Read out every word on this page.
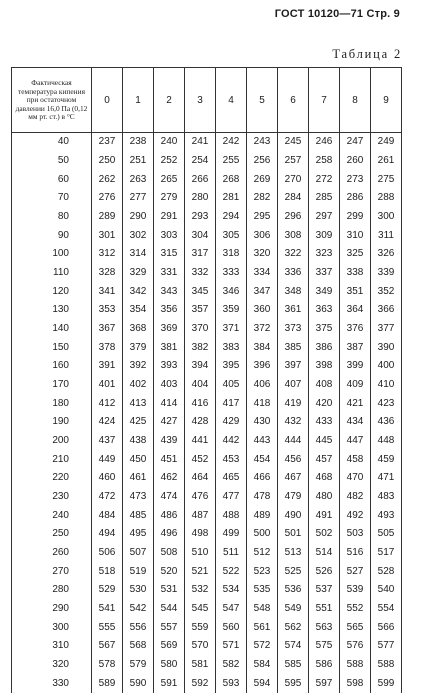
ГОСТ 10120—71 Стр. 9
Таблица 2
Фактическая температура кипения при остаточном давлении 16,0 Па (0,12 мм рт. ст.) в °С	0	1	2	3	4	5	6	7	8	9
40	237	238	240	241	242	243	245	246	247	249
50	250	251	252	254	255	256	257	258	260	261
60	262	263	265	266	268	269	270	272	273	275
70	276	277	279	280	281	282	284	285	286	288
80	289	290	291	293	294	295	296	297	299	300
90	301	302	303	304	305	306	308	309	310	311
100	312	314	315	317	318	320	322	323	325	326
110	328	329	331	332	333	334	336	337	338	339
120	341	342	343	345	346	347	348	349	351	352
130	353	354	356	357	359	360	361	363	364	366
140	367	368	369	370	371	372	373	375	376	377
150	378	379	381	382	383	384	385	386	387	390
160	391	392	393	394	395	396	397	398	399	400
170	401	402	403	404	405	406	407	408	409	410
180	412	413	414	416	417	418	419	420	421	423
190	424	425	427	428	429	430	432	433	434	436
200	437	438	439	441	442	443	444	445	447	448
210	449	450	451	452	453	454	456	457	458	459
220	460	461	462	464	465	466	467	468	470	471
230	472	473	474	476	477	478	479	480	482	483
240	484	485	486	487	488	489	490	491	492	493
250	494	495	496	498	499	500	501	502	503	505
260	506	507	508	510	511	512	513	514	516	517
270	518	519	520	521	522	523	525	526	527	528
280	529	530	531	532	534	535	536	537	539	540
290	541	542	544	545	547	548	549	551	552	554
300	555	556	557	559	560	561	562	563	565	566
310	567	568	569	570	571	572	574	575	576	577
320	578	579	580	581	582	584	585	586	588	588
330	589	590	591	592	593	594	595	597	598	599
